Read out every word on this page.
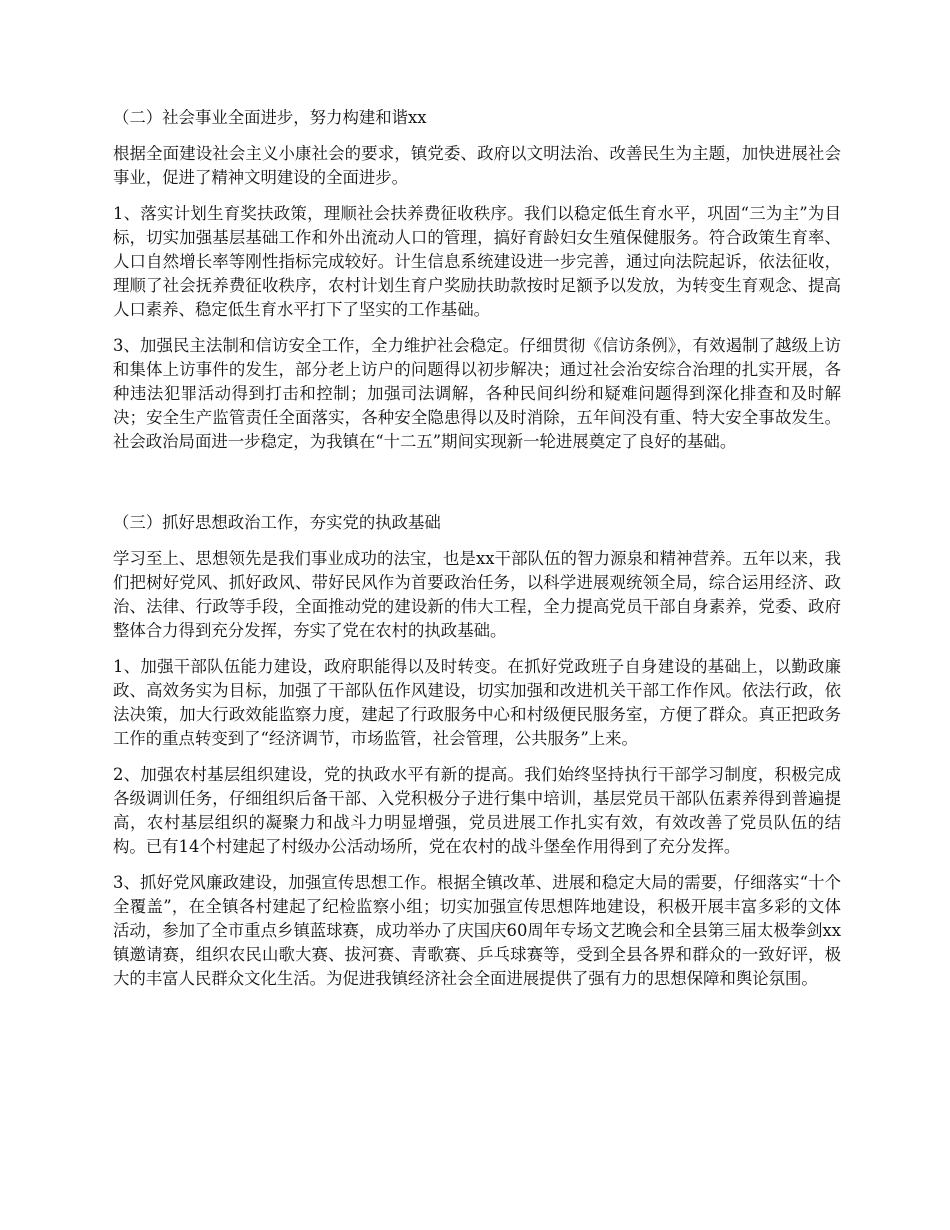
（二）社会事业全面进步，努力构建和谐xx

根据全面建设社会主义小康社会的要求，镇党委、政府以文明法治、改善民生为主题，加快进展社会事业，促进了精神文明建设的全面进步。

1、落实计划生育奖扶政策，理顺社会扶养费征收秩序。我们以稳定低生育水平，巩固“三为主”为目标，切实加强基层基础工作和外出流动人口的管理，搞好育龄妇女生殖保健服务。符合政策生育率、人口自然增长率等刚性指标完成较好。计生信息系统建设进一步完善，通过向法院起诉，依法征收，理顺了社会抚养费征收秩序，农村计划生育户奖励扶助款按时足额予以发放，为转变生育观念、提高人口素养、稳定低生育水平打下了坚实的工作基础。

3、加强民主法制和信访安全工作，全力维护社会稳定。仔细贯彻《信访条例》，有效遏制了越级上访和集体上访事件的发生，部分老上访户的问题得以初步解决；通过社会治安综合治理的扎实开展，各种违法犯罪活动得到打击和控制；加强司法调解，各种民间纠纷和疑难问题得到深化排查和及时解决；安全生产监管责任全面落实，各种安全隐患得以及时消除，五年间没有重、特大安全事故发生。社会政治局面进一步稳定，为我镇在“十二五”期间实现新一轮进展奠定了良好的基础。

（三）抓好思想政治工作，夯实党的执政基础

学习至上、思想领先是我们事业成功的法宝，也是xx干部队伍的智力源泉和精神营养。五年以来，我们把树好党风、抓好政风、带好民风作为首要政治任务，以科学进展观统领全局，综合运用经济、政治、法律、行政等手段，全面推动党的建设新的伟大工程，全力提高党员干部自身素养，党委、政府整体合力得到充分发挥，夯实了党在农村的执政基础。

1、加强干部队伍能力建设，政府职能得以及时转变。在抓好党政班子自身建设的基础上，以勤政廉政、高效务实为目标，加强了干部队伍作风建设，切实加强和改进机关干部工作作风。依法行政，依法决策，加大行政效能监察力度，建起了行政服务中心和村级便民服务室，方便了群众。真正把政务工作的重点转变到了“经济调节，市场监管，社会管理，公共服务”上来。

2、加强农村基层组织建设，党的执政水平有新的提高。我们始终坚持执行干部学习制度，积极完成各级调训任务，仔细组织后备干部、入党积极分子进行集中培训，基层党员干部队伍素养得到普遍提高，农村基层组织的凝聚力和战斗力明显增强，党员进展工作扎实有效，有效改善了党员队伍的结构。已有14个村建起了村级办公活动场所，党在农村的战斗堡垒作用得到了充分发挥。

3、抓好党风廉政建设，加强宣传思想工作。根据全镇改革、进展和稳定大局的需要，仔细落实“十个全覆盖”，在全镇各村建起了纪检监察小组；切实加强宣传思想阵地建设，积极开展丰富多彩的文体活动，参加了全市重点乡镇蓝球赛，成功举办了庆国庆60周年专场文艺晚会和全县第三届太极拳剑xx镇邀请赛，组织农民山歌大赛、拔河赛、青歌赛、乒乓球赛等，受到全县各界和群众的一致好评，极大的丰富人民群众文化生活。为促进我镇经济社会全面进展提供了强有力的思想保障和舆论氛围。
